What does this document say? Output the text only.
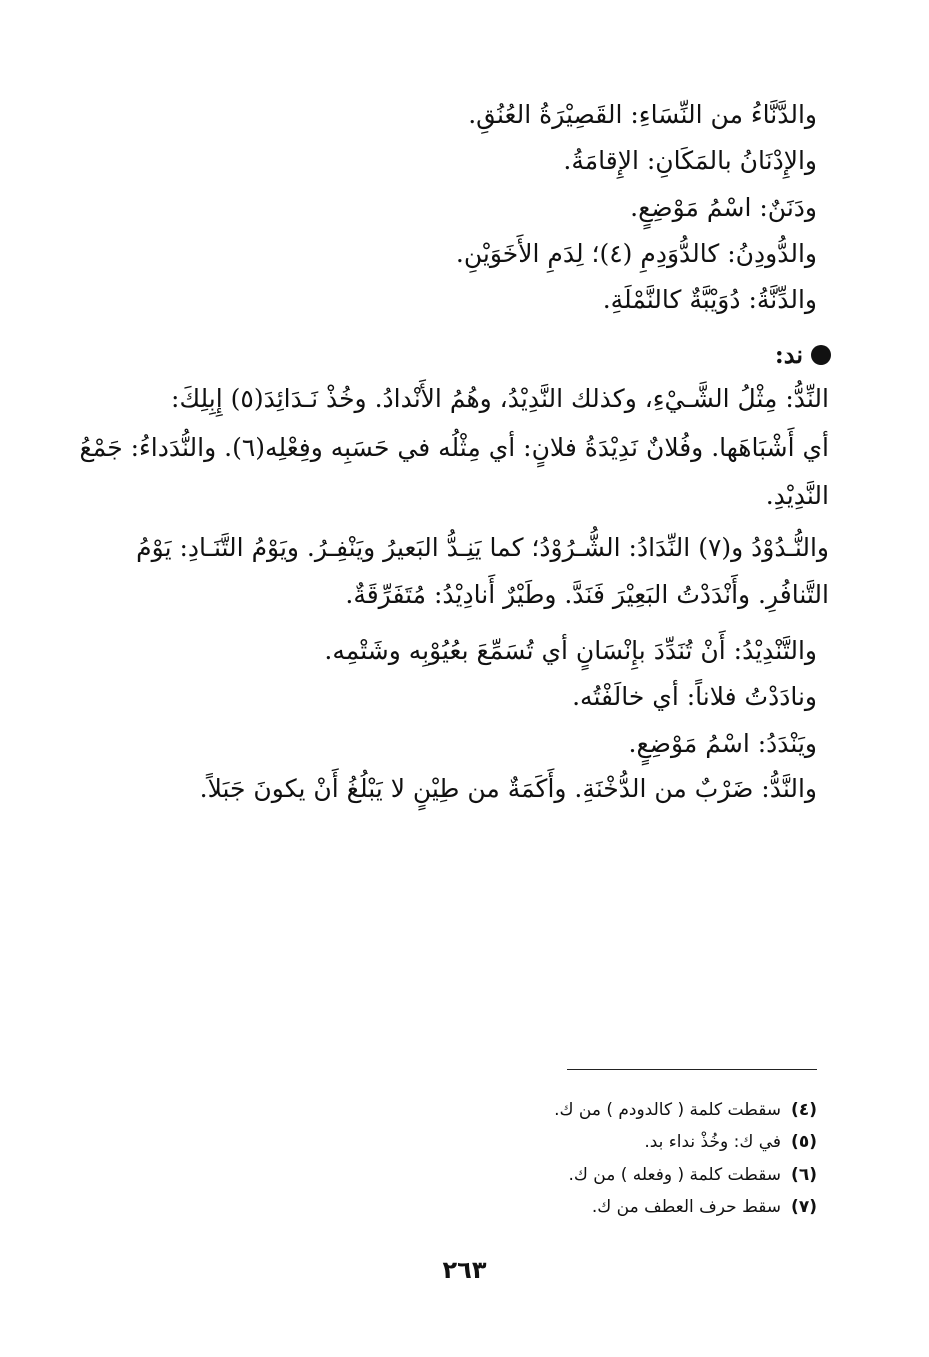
والدَّنَّاءُ من النِّسَاءِ: القَصِيْرَةُ العُنُقِ.
والإِدْنَانُ بالمَكَانِ: الإِقامَةُ.
ودَنَنٌ: اسْمُ مَوْضِعٍ.
والدُّودِنُ: كالدُّوَدِمِ (٤)؛ لِدَمِ الأَخَوَيْنِ.
والدِّنَّةُ: دُوَيْبَّةٌ كالنَّمْلَةِ.
ند:
النِّدُّ: مِثْلُ الشَّـيْءِ، وكذلك النَّدِيْدُ، وهُمُ الأَنْدادُ. وخُذْ نَـدَائِدَ(٥) إِبِلِكَ:
أي أَشْبَاهَها. وفُلانٌ نَدِيْدَةُ فلانٍ: أي مِثْلُه في حَسَبِه وفِعْلِه(٦). والنُّدَداءُ: جَمْعُ
النَّدِيْدِ.
والنُّـدُوْدُ و(٧) النِّدَادُ: الشُّـرُوْدُ؛ كما يَنِـدُّ البَعيرُ ويَنْفِـرُ. ويَوْمُ التَّنَـادِ: يَوْمُ
التَّنافُرِ. وأَنْدَدْتُ البَعِيْرَ فَنَدَّ. وطَيْرٌ أَنادِيْدُ: مُتَفَرِّقَةٌ.
والتَّنْدِيْدُ: أَنْ تُنَدِّدَ بإِنْسَانٍ أي تُسَمِّعَ بعُيُوْبِه وشَتْمِه.
ونادَدْتُ فلاناً: أي خالَفْتُه.
ويَنْدَدُ: اسْمُ مَوْضِعٍ.
والنَّدُّ: ضَرْبٌ من الدُّخْنَةِ. وأَكَمَةٌ من طِيْنٍ لا يَبْلُغُ أَنْ يكونَ جَبَلاً.
(٤)سقطت كلمة ( كالدودم ) من ك.
(٥)في ك: وخُذْ نداء بد.
(٦)سقطت كلمة ( وفعله ) من ك.
(٧)سقط حرف العطف من ك.
٢٦٣
